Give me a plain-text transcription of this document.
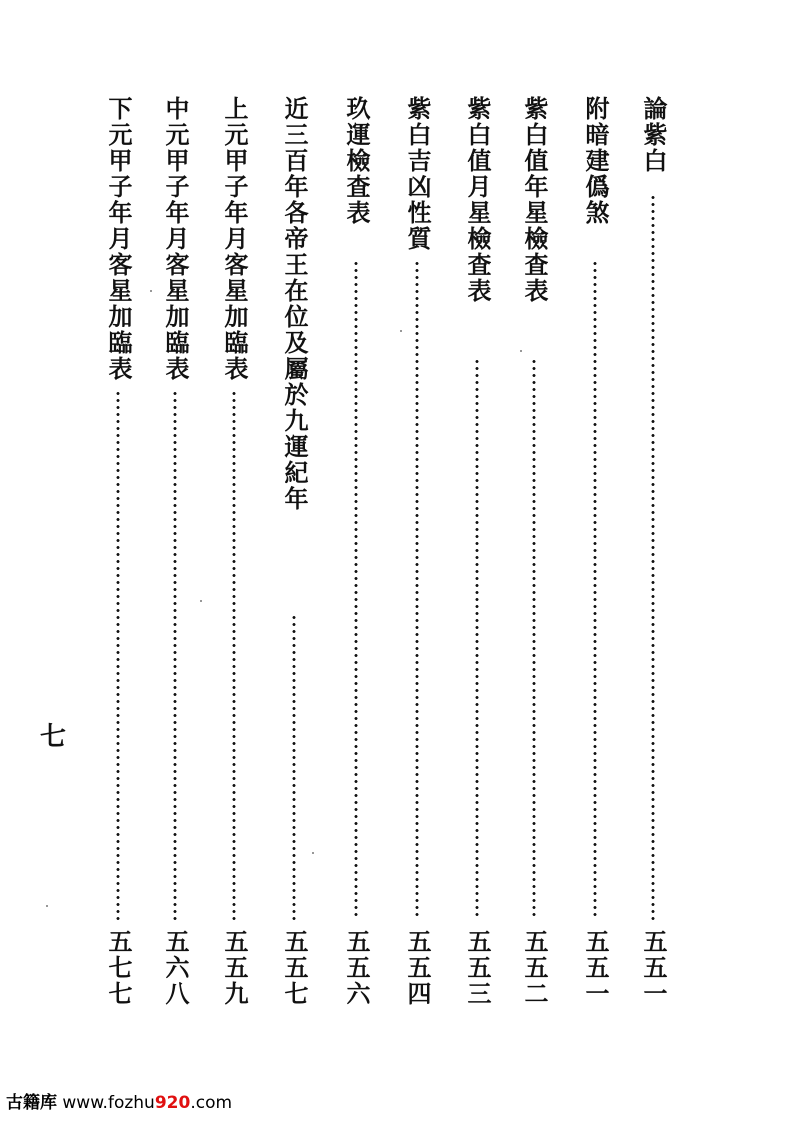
論紫白
五五一
附暗建僞煞
五五一
紫白值年星檢査表
五五二
紫白值月星檢査表
五五三
紫白吉凶性質
五五四
玖運檢査表
五五六
近三百年各帝王在位及屬於九運紀年
五五七
上元甲子年月客星加臨表
五五九
中元甲子年月客星加臨表
五六八
下元甲子年月客星加臨表
五七七
七
古籍库 www.fozhu920.com
